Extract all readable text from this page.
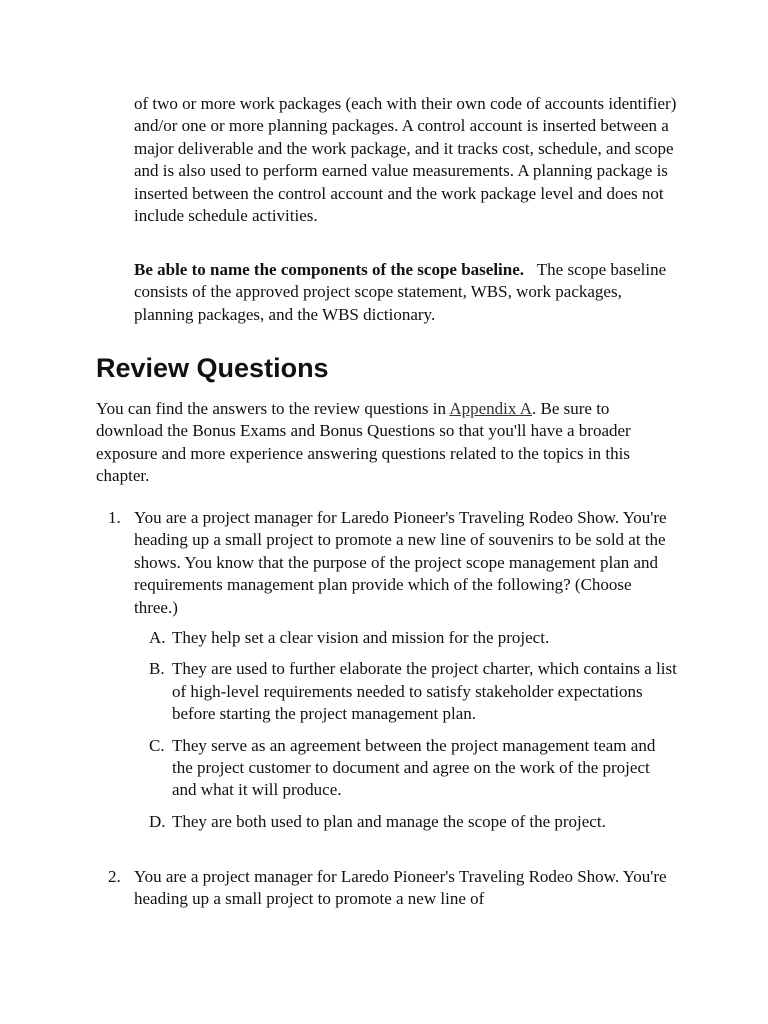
of two or more work packages (each with their own code of accounts identifier) and/or one or more planning packages. A control account is inserted between a major deliverable and the work package, and it tracks cost, schedule, and scope and is also used to perform earned value measurements. A planning package is inserted between the control account and the work package level and does not include schedule activities.

Be able to name the components of the scope baseline. The scope baseline consists of the approved project scope statement, WBS, work packages, planning packages, and the WBS dictionary.

Review Questions

You can find the answers to the review questions in Appendix A. Be sure to download the Bonus Exams and Bonus Questions so that you'll have a broader exposure and more experience answering questions related to the topics in this chapter.

1. You are a project manager for Laredo Pioneer's Traveling Rodeo Show. You're heading up a small project to promote a new line of souvenirs to be sold at the shows. You know that the purpose of the project scope management plan and requirements management plan provide which of the following? (Choose three.)
A. They help set a clear vision and mission for the project.
B. They are used to further elaborate the project charter, which contains a list of high-level requirements needed to satisfy stakeholder expectations before starting the project management plan.
C. They serve as an agreement between the project management team and the project customer to document and agree on the work of the project and what it will produce.
D. They are both used to plan and manage the scope of the project.
2. You are a project manager for Laredo Pioneer's Traveling Rodeo Show. You're heading up a small project to promote a new line of
